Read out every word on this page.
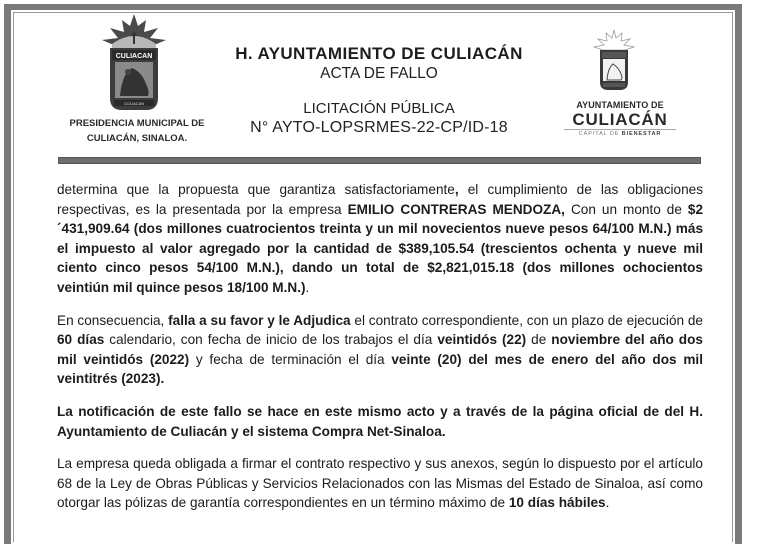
CULIACAN
COLIACAN
PRESIDENCIA MUNICIPAL DE
CULIACÁN, SINALOA.
H. AYUNTAMIENTO DE CULIACÁN
ACTA DE FALLO
LICITACIÓN PÚBLICA
N° AYTO-LOPSRMES-22-CP/ID-18
AYUNTAMIENTO DE
CULIACÁN
CAPITAL DE BIENESTAR

determina que la propuesta que garantiza satisfactoriamente, el cumplimiento de las obligaciones respectivas, es la presentada por la empresa EMILIO CONTRERAS MENDOZA, Con un monto de $2´431,909.64 (dos millones cuatrocientos treinta y un mil novecientos nueve pesos 64/100 M.N.) más el impuesto al valor agregado por la cantidad de $389,105.54 (trescientos ochenta y nueve mil ciento cinco pesos 54/100 M.N.), dando un total de $2,821,015.18 (dos millones ochocientos veintiún mil quince pesos 18/100 M.N.).

En consecuencia, falla a su favor y le Adjudica el contrato correspondiente, con un plazo de ejecución de 60 días calendario, con fecha de inicio de los trabajos el día veintidós (22) de noviembre del año dos mil veintidós (2022) y fecha de terminación el día veinte (20) del mes de enero del año dos mil veintitrés (2023).

La notificación de este fallo se hace en este mismo acto y a través de la página oficial de del H. Ayuntamiento de Culiacán y el sistema Compra Net-Sinaloa.

La empresa queda obligada a firmar el contrato respectivo y sus anexos, según lo dispuesto por el artículo 68 de la Ley de Obras Públicas y Servicios Relacionados con las Mismas del Estado de Sinaloa, así como otorgar las pólizas de garantía correspondientes en un término máximo de 10 días hábiles.
